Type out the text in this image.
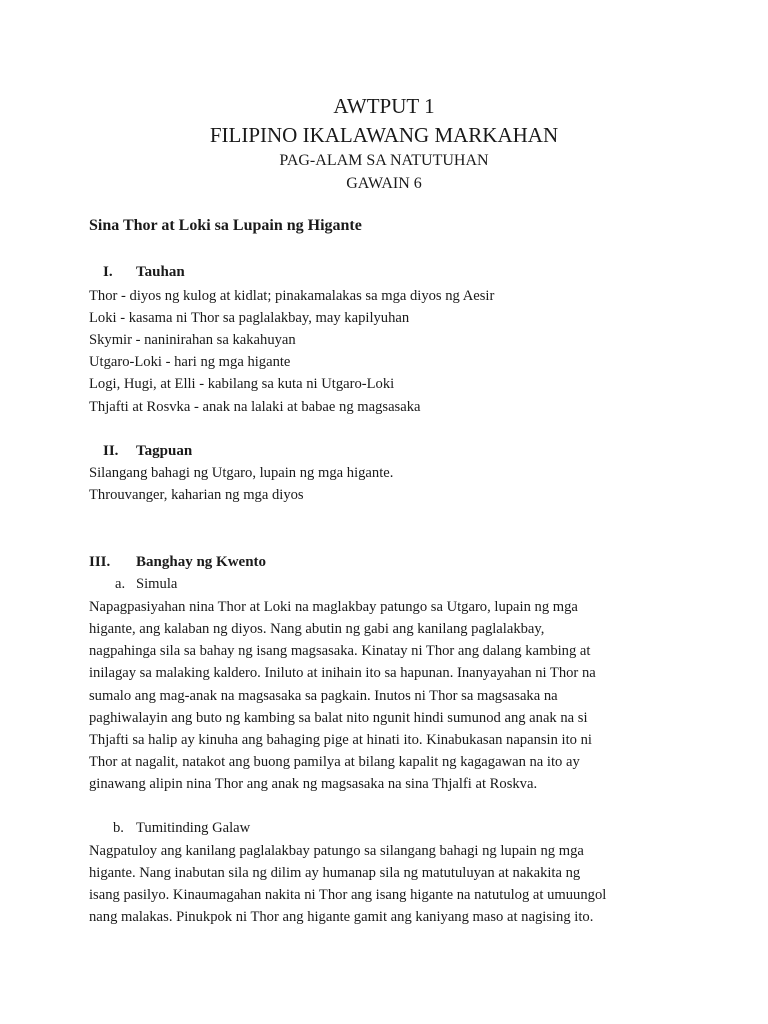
AWTPUT 1
FILIPINO IKALAWANG MARKAHAN
PAG-ALAM SA NATUTUHAN
GAWAIN 6
Sina Thor at Loki sa Lupain ng Higante
I. Tauhan
Thor - diyos ng kulog at kidlat; pinakamalakas sa mga diyos ng Aesir
Loki - kasama ni Thor sa paglalakbay, may kapilyuhan
Skymir - naninirahan sa kakahuyan
Utgaro-Loki - hari ng mga higante
Logi, Hugi, at Elli - kabilang sa kuta ni Utgaro-Loki
Thjafti at Rosvka - anak na lalaki at babae ng magsasaka
II. Tagpuan
Silangang bahagi ng Utgaro, lupain ng mga higante.
Throuvanger, kaharian ng mga diyos
III. Banghay ng Kwento
a. Simula
Napagpasiyahan nina Thor at Loki na maglakbay patungo sa Utgaro, lupain ng mga
higante, ang kalaban ng diyos. Nang abutin ng gabi ang kanilang paglalakbay,
nagpahinga sila sa bahay ng isang magsasaka. Kinatay ni Thor ang dalang kambing at
inilagay sa malaking kaldero. Iniluto at inihain ito sa hapunan. Inanyayahan ni Thor na
sumalo ang mag-anak na magsasaka sa pagkain. Inutos ni Thor sa magsasaka na
paghiwalayin ang buto ng kambing sa balat nito ngunit hindi sumunod ang anak na si
Thjafti sa halip ay kinuha ang bahaging pige at hinati ito. Kinabukasan napansin ito ni
Thor at nagalit, natakot ang buong pamilya at bilang kapalit ng kagagawan na ito ay
ginawang alipin nina Thor ang anak ng magsasaka na sina Thjalfi at Roskva.
b. Tumitinding Galaw
Nagpatuloy ang kanilang paglalakbay patungo sa silangang bahagi ng lupain ng mga
higante. Nang inabutan sila ng dilim ay humanap sila ng matutuluyan at nakakita ng
isang pasilyo. Kinaumagahan nakita ni Thor ang isang higante na natutulog at umuungol
nang malakas. Pinukpok ni Thor ang higante gamit ang kaniyang maso at nagising ito.
